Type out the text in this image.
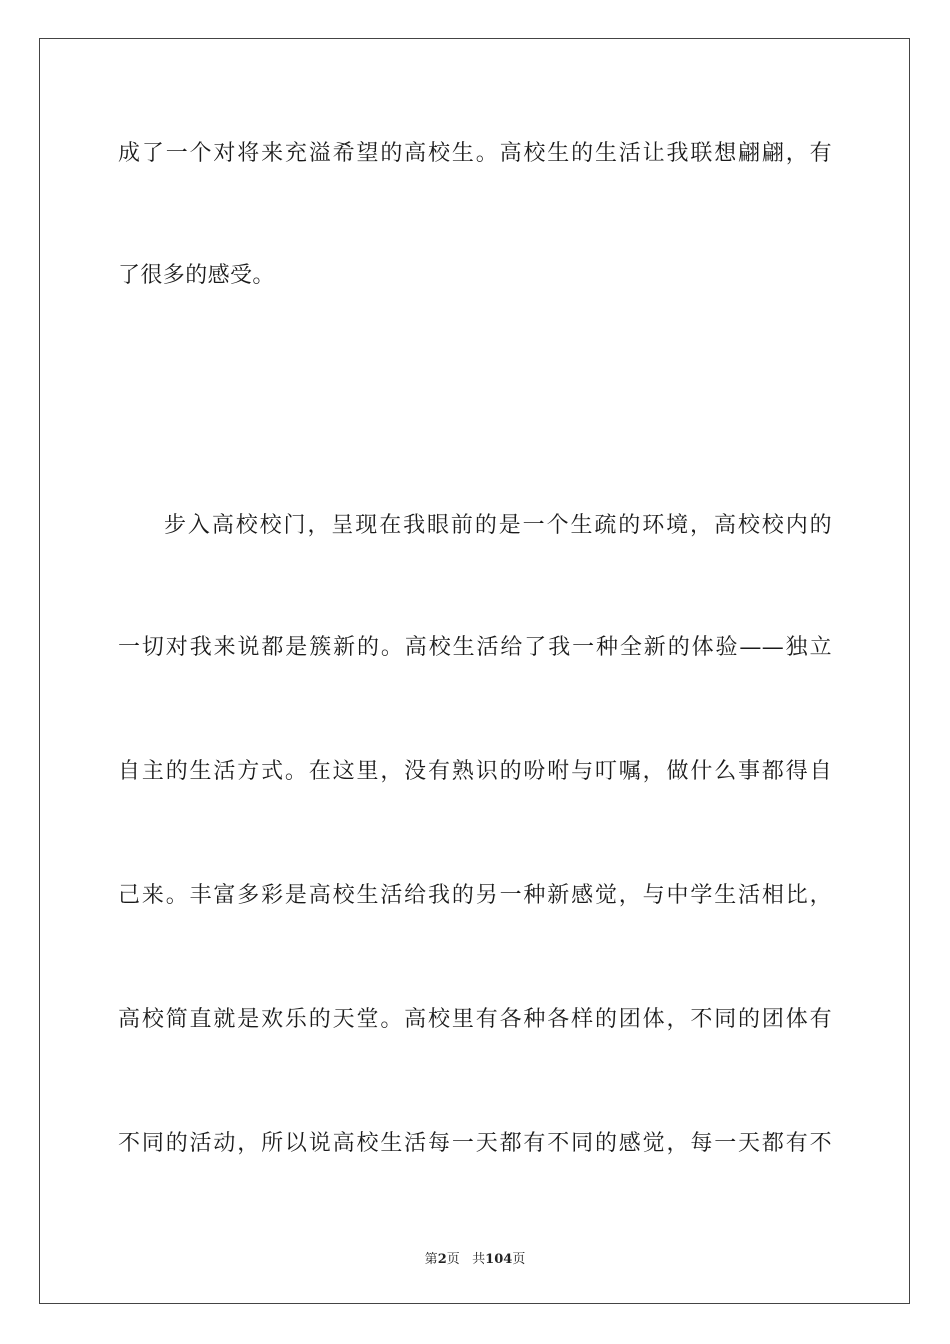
成了一个对将来充溢希望的高校生。高校生的生活让我联想翩翩，有
了很多的感受。
步入高校校门，呈现在我眼前的是一个生疏的环境，高校校内的
一切对我来说都是簇新的。高校生活给了我一种全新的体验——独立
自主的生活方式。在这里，没有熟识的吩咐与叮嘱，做什么事都得自
己来。丰富多彩是高校生活给我的另一种新感觉，与中学生活相比，
高校简直就是欢乐的天堂。高校里有各种各样的团体，不同的团体有
不同的活动，所以说高校生活每一天都有不同的感觉，每一天都有不
第2页 共104页
